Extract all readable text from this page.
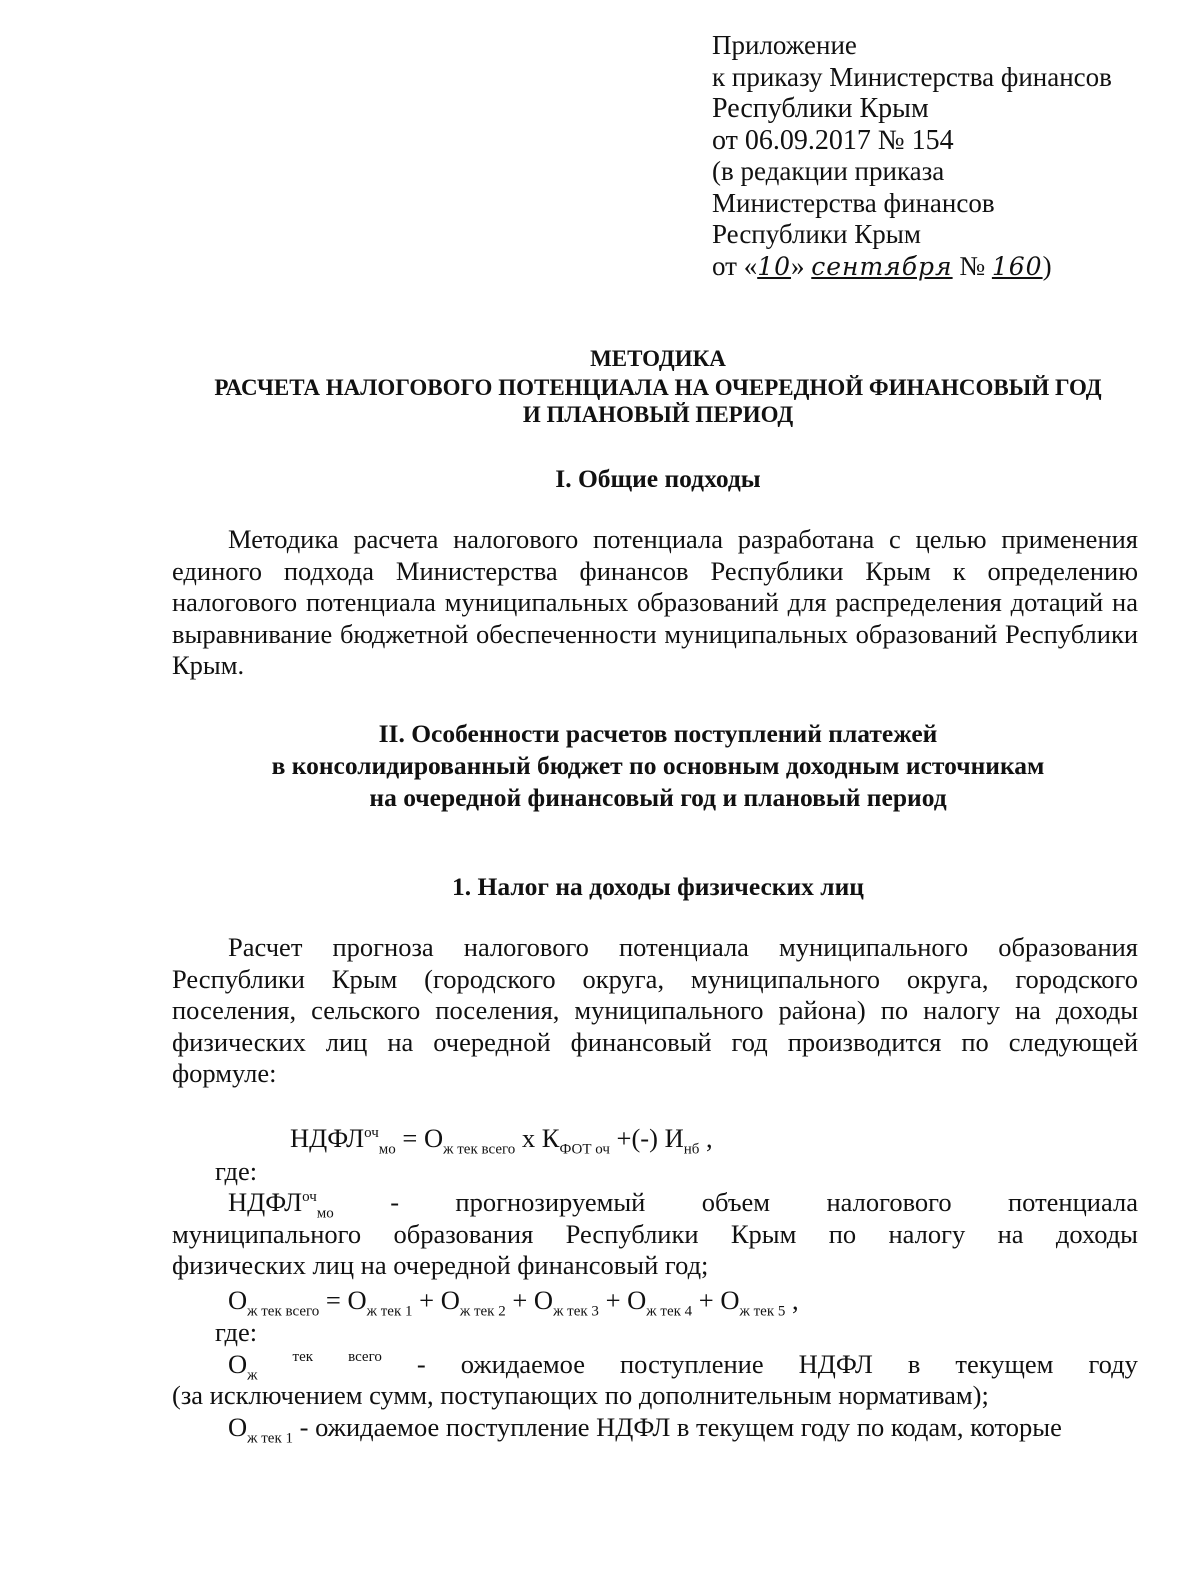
Приложение
к приказу Министерства финансов
Республики Крым
от 06.09.2017 № 154
(в редакции приказа
Министерства финансов
Республики Крым
от «10» сентября № 160)
МЕТОДИКА
РАСЧЕТА НАЛОГОВОГО ПОТЕНЦИАЛА НА ОЧЕРЕДНОЙ ФИНАНСОВЫЙ ГОД
И ПЛАНОВЫЙ ПЕРИОД
I. Общие подходы
Методика расчета налогового потенциала разработана с целью применения единого подхода Министерства финансов Республики Крым к определению налогового потенциала муниципальных образований для распределения дотаций на выравнивание бюджетной обеспеченности муниципальных образований Республики Крым.
II. Особенности расчетов поступлений платежей
в консолидированный бюджет по основным доходным источникам
на очередной финансовый год и плановый период
1. Налог на доходы физических лиц
Расчет прогноза налогового потенциала муниципального образования Республики Крым (городского округа, муниципального округа, городского поселения, сельского поселения, муниципального района) по налогу на доходы физических лиц на очередной финансовый год производится по следующей формуле:
$НДФЛ^{оч}_{мо} = О_{ж тек всего}$ х $К_{ФОТ оч}$ +(-) $И_{нб}$ ,
где:
$НДФЛ^{оч}_{мо}$ - прогнозируемый объем налогового потенциала
муниципального образования Республики Крым по налогу на доходы
физических лиц на очередной финансовый год;
$О_{ж тек всего} = О_{ж тек 1} + О_{ж тек 2} + О_{ж тек 3} + О_{ж тек 4} + О_{ж тек 5}$ ,
где:
$О_ж$
$_{тек}$ $_{всего}$ - ожидаемое поступление НДФЛ в текущем году
(за исключением сумм, поступающих по дополнительным нормативам);
$О_{ж тек 1}$ - ожидаемое поступление НДФЛ в текущем году по кодам, которые
